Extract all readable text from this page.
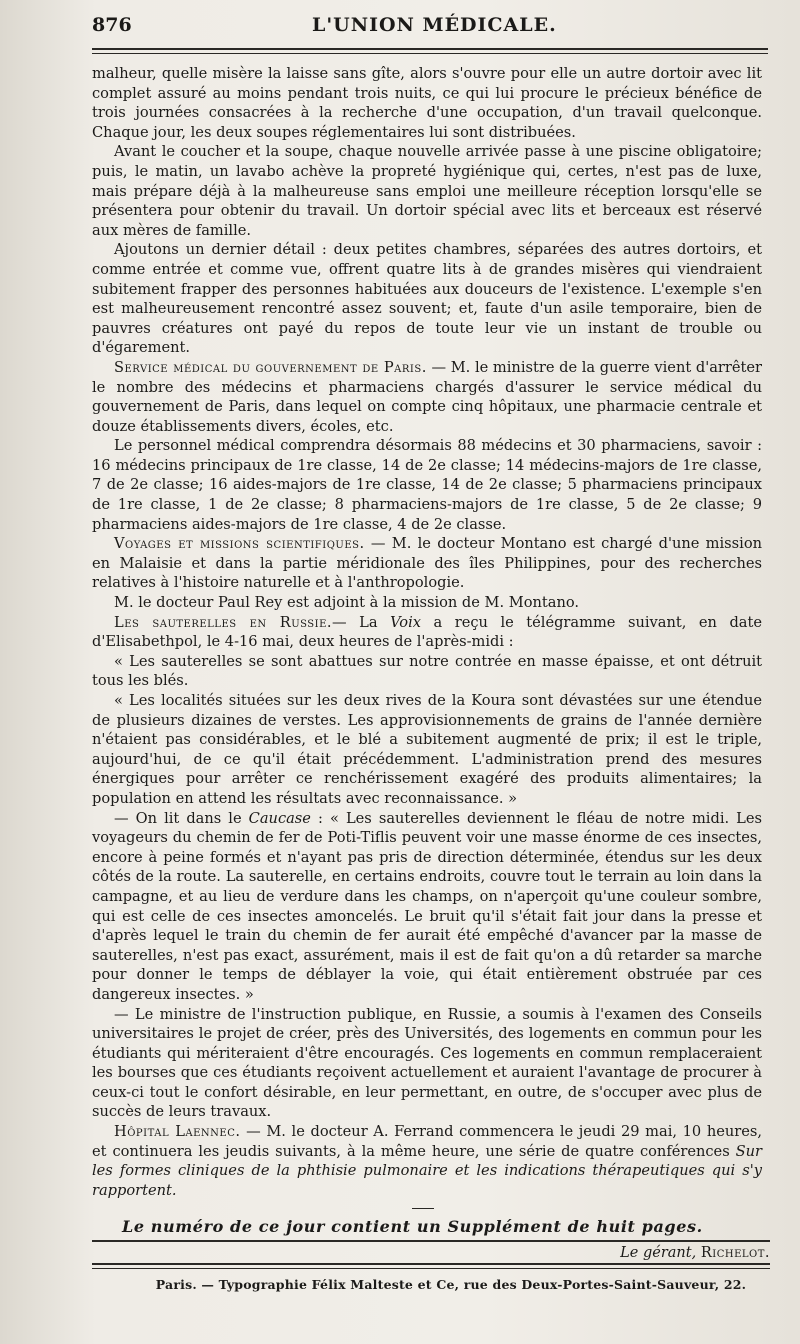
876	L'UNION MÉDICALE.

malheur, quelle misère la laisse sans gîte, alors s'ouvre pour elle un autre dortoir avec lit complet assuré au moins pendant trois nuits, ce qui lui procure le précieux bénéfice de trois journées consacrées à la recherche d'une occupation, d'un travail quelconque. Chaque jour, les deux soupes réglementaires lui sont distribuées.

Avant le coucher et la soupe, chaque nouvelle arrivée passe à une piscine obligatoire; puis, le matin, un lavabo achève la propreté hygiénique qui, certes, n'est pas de luxe, mais prépare déjà à la malheureuse sans emploi une meilleure réception lorsqu'elle se présentera pour obtenir du travail. Un dortoir spécial avec lits et berceaux est réservé aux mères de famille.

Ajoutons un dernier détail : deux petites chambres, séparées des autres dortoirs, et comme entrée et comme vue, offrent quatre lits à de grandes misères qui viendraient subitement frapper des personnes habituées aux douceurs de l'existence. L'exemple s'en est malheureusement rencontré assez souvent; et, faute d'un asile temporaire, bien de pauvres créatures ont payé du repos de toute leur vie un instant de trouble ou d'égarement.

Service médical du gouvernement de Paris. — M. le ministre de la guerre vient d'arrêter le nombre des médecins et pharmaciens chargés d'assurer le service médical du gouvernement de Paris, dans lequel on compte cinq hôpitaux, une pharmacie centrale et douze établissements divers, écoles, etc.

Le personnel médical comprendra désormais 88 médecins et 30 pharmaciens, savoir : 16 médecins principaux de 1re classe, 14 de 2e classe; 14 médecins-majors de 1re classe, 7 de 2e classe; 16 aides-majors de 1re classe, 14 de 2e classe; 5 pharmaciens principaux de 1re classe, 1 de 2e classe; 8 pharmaciens-majors de 1re classe, 5 de 2e classe; 9 pharmaciens aides-majors de 1re classe, 4 de 2e classe.

Voyages et missions scientifiques. — M. le docteur Montano est chargé d'une mission en Malaisie et dans la partie méridionale des îles Philippines, pour des recherches relatives à l'histoire naturelle et à l'anthropologie.

M. le docteur Paul Rey est adjoint à la mission de M. Montano.

Les sauterelles en Russie.— La Voix a reçu le télégramme suivant, en date d'Elisabethpol, le 4-16 mai, deux heures de l'après-midi :

« Les sauterelles se sont abattues sur notre contrée en masse épaisse, et ont détruit tous les blés.

« Les localités situées sur les deux rives de la Koura sont dévastées sur une étendue de plusieurs dizaines de verstes. Les approvisionnements de grains de l'année dernière n'étaient pas considérables, et le blé a subitement augmenté de prix; il est le triple, aujourd'hui, de ce qu'il était précédemment. L'administration prend des mesures énergiques pour arrêter ce renchérissement exagéré des produits alimentaires; la population en attend les résultats avec reconnaissance. »

— On lit dans le Caucase : « Les sauterelles deviennent le fléau de notre midi. Les voyageurs du chemin de fer de Poti-Tiflis peuvent voir une masse énorme de ces insectes, encore à peine formés et n'ayant pas pris de direction déterminée, étendus sur les deux côtés de la route. La sauterelle, en certains endroits, couvre tout le terrain au loin dans la campagne, et au lieu de verdure dans les champs, on n'aperçoit qu'une couleur sombre, qui est celle de ces insectes amoncelés. Le bruit qu'il s'était fait jour dans la presse et d'après lequel le train du chemin de fer aurait été empêché d'avancer par la masse de sauterelles, n'est pas exact, assurément, mais il est de fait qu'on a dû retarder sa marche pour donner le temps de déblayer la voie, qui était entièrement obstruée par ces dangereux insectes. »

— Le ministre de l'instruction publique, en Russie, a soumis à l'examen des Conseils universitaires le projet de créer, près des Universités, des logements en commun pour les étudiants qui mériteraient d'être encouragés. Ces logements en commun remplaceraient les bourses que ces étudiants reçoivent actuellement et auraient l'avantage de procurer à ceux-ci tout le confort désirable, en leur permettant, en outre, de s'occuper avec plus de succès de leurs travaux.

Hôpital Laennec. — M. le docteur A. Ferrand commencera le jeudi 29 mai, 10 heures, et continuera les jeudis suivants, à la même heure, une série de quatre conférences Sur les formes cliniques de la phthisie pulmonaire et les indications thérapeutiques qui s'y rapportent.

Le numéro de ce jour contient un Supplément de huit pages.
Le gérant, Richelot.
Paris. — Typographie Félix Malteste et Ce, rue des Deux-Portes-Saint-Sauveur, 22.
